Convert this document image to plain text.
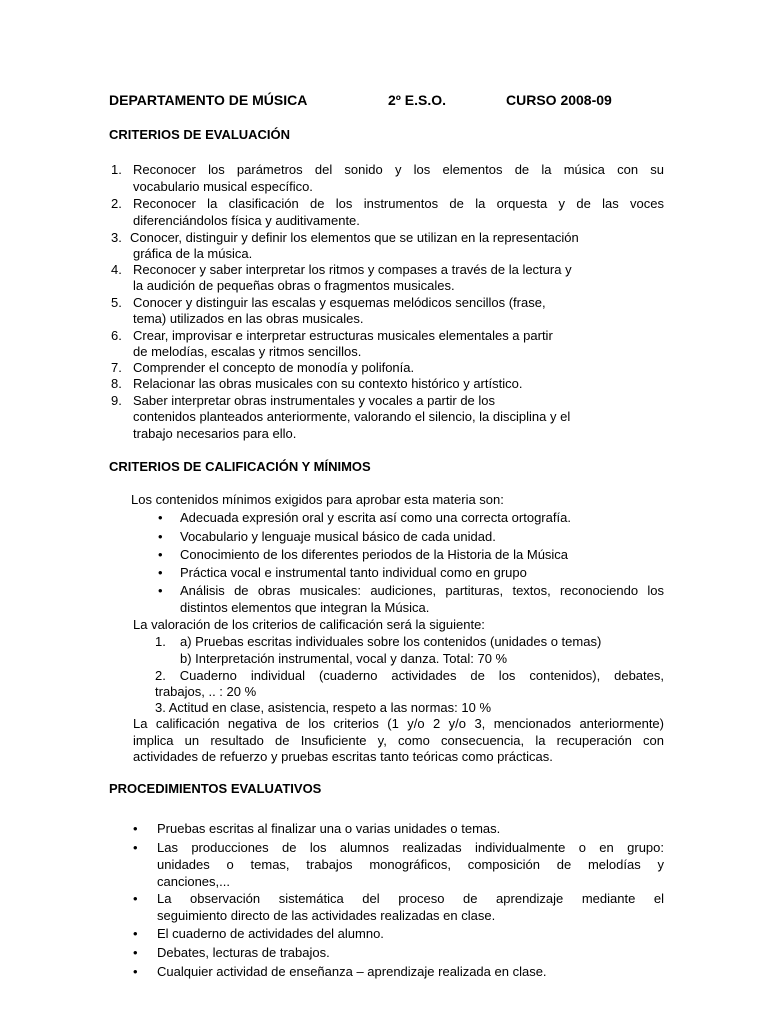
DEPARTAMENTO DE MÚSICA	2º E.S.O.	CURSO 2008-09
CRITERIOS DE EVALUACIÓN
1. Reconocer los parámetros del sonido y los elementos de la música con su
vocabulario musical específico.
2. Reconocer la clasificación de los instrumentos de la orquesta y de las voces
diferenciándolos física y auditivamente.
3. Conocer, distinguir y definir los elementos que se utilizan en la representación
gráfica de la música.
4. Reconocer y saber interpretar los ritmos y compases a través de la lectura y
la audición de pequeñas obras o fragmentos musicales.
5. Conocer y distinguir las escalas y esquemas melódicos sencillos (frase,
tema) utilizados en las obras musicales.
6. Crear, improvisar e interpretar estructuras musicales elementales a partir
de melodías, escalas y ritmos sencillos.
7. Comprender el concepto de monodía y polifonía.
8. Relacionar las obras musicales con su contexto histórico y artístico.
9. Saber interpretar obras instrumentales y vocales a partir de los
contenidos planteados anteriormente, valorando el silencio, la disciplina y el
trabajo necesarios para ello.
CRITERIOS DE CALIFICACIÓN Y MÍNIMOS
Los contenidos mínimos exigidos para aprobar esta materia son:
• Adecuada expresión oral y escrita así como una correcta ortografía.
• Vocabulario y lenguaje musical básico de cada unidad.
• Conocimiento de los diferentes periodos de la Historia de la Música
• Práctica vocal e instrumental tanto individual como en grupo
• Análisis de obras musicales: audiciones, partituras, textos, reconociendo los
distintos elementos que integran la Música.
La valoración de los criterios de calificación será la siguiente:
1. a) Pruebas escritas individuales sobre los contenidos (unidades o temas)
b) Interpretación instrumental, vocal y danza. Total: 70 %
2. Cuaderno individual (cuaderno actividades de los contenidos), debates,
trabajos, .. : 20 %
3. Actitud en clase, asistencia, respeto a las normas: 10 %
La calificación negativa de los criterios (1 y/o 2 y/o 3, mencionados anteriormente)
implica un resultado de Insuficiente y, como consecuencia, la recuperación con
actividades de refuerzo y pruebas escritas tanto teóricas como prácticas.
PROCEDIMIENTOS EVALUATIVOS
• Pruebas escritas al finalizar una o varias unidades o temas.
• Las producciones de los alumnos realizadas individualmente o en grupo:
unidades o temas, trabajos monográficos, composición de melodías y
canciones,...
• La observación sistemática del proceso de aprendizaje mediante el
seguimiento directo de las actividades realizadas en clase.
• El cuaderno de actividades del alumno.
• Debates, lecturas de trabajos.
• Cualquier actividad de enseñanza – aprendizaje realizada en clase.
